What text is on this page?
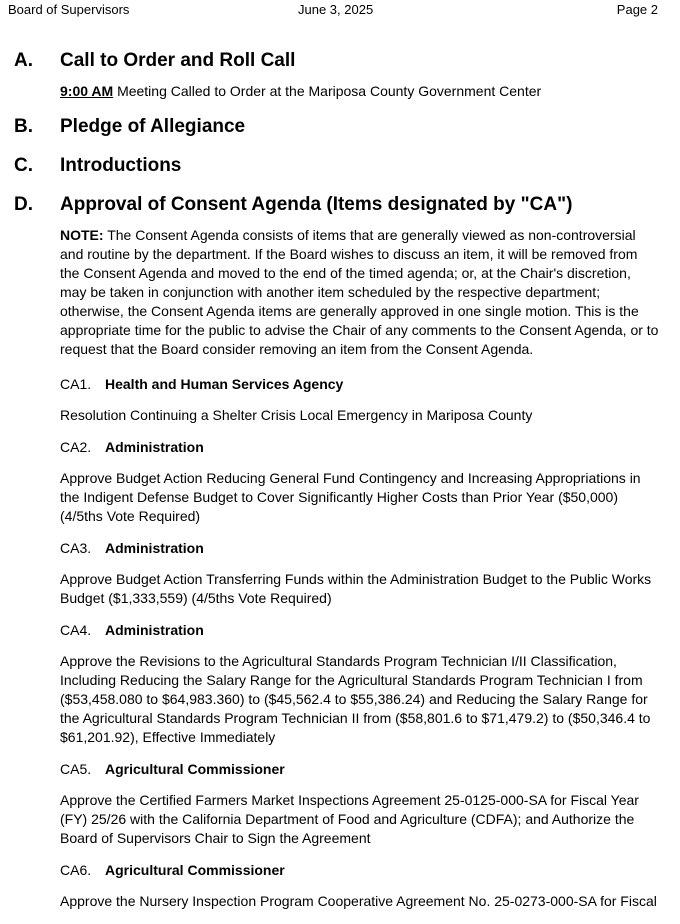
Board of Supervisors	June 3, 2025	Page 2
A.	Call to Order and Roll Call
9:00 AM Meeting Called to Order at the Mariposa County Government Center
B.	Pledge of Allegiance
C.	Introductions
D.	Approval of Consent Agenda (Items designated by "CA")
NOTE: The Consent Agenda consists of items that are generally viewed as non-controversial and routine by the department. If the Board wishes to discuss an item, it will be removed from the Consent Agenda and moved to the end of the timed agenda; or, at the Chair's discretion, may be taken in conjunction with another item scheduled by the respective department; otherwise, the Consent Agenda items are generally approved in one single motion. This is the appropriate time for the public to advise the Chair of any comments to the Consent Agenda, or to request that the Board consider removing an item from the Consent Agenda.
CA1. Health and Human Services Agency
Resolution Continuing a Shelter Crisis Local Emergency in Mariposa County
CA2. Administration
Approve Budget Action Reducing General Fund Contingency and Increasing Appropriations in the Indigent Defense Budget to Cover Significantly Higher Costs than Prior Year ($50,000) (4/5ths Vote Required)
CA3. Administration
Approve Budget Action Transferring Funds within the Administration Budget to the Public Works Budget ($1,333,559) (4/5ths Vote Required)
CA4. Administration
Approve the Revisions to the Agricultural Standards Program Technician I/II Classification, Including Reducing the Salary Range for the Agricultural Standards Program Technician I from ($53,458.080 to $64,983.360) to ($45,562.4 to $55,386.24) and Reducing the Salary Range for the Agricultural Standards Program Technician II from ($58,801.6 to $71,479.2) to ($50,346.4 to $61,201.92), Effective Immediately
CA5. Agricultural Commissioner
Approve the Certified Farmers Market Inspections Agreement 25-0125-000-SA for Fiscal Year (FY) 25/26 with the California Department of Food and Agriculture (CDFA); and Authorize the Board of Supervisors Chair to Sign the Agreement
CA6. Agricultural Commissioner
Approve the Nursery Inspection Program Cooperative Agreement No. 25-0273-000-SA for Fiscal
